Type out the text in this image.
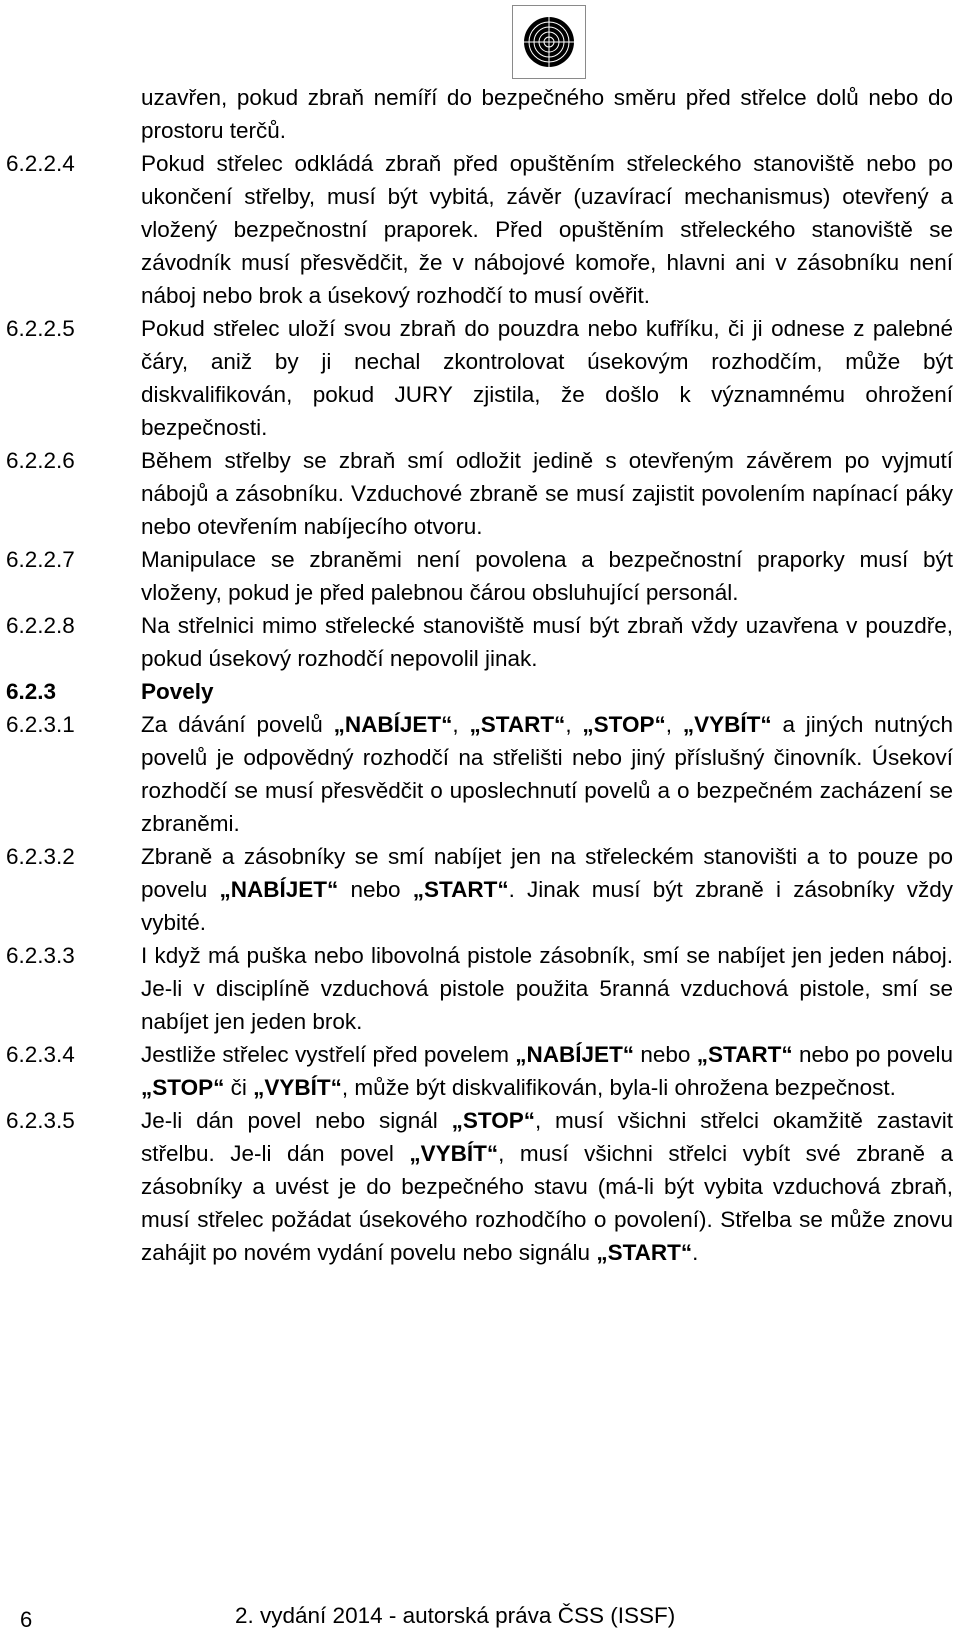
uzavřen, pokud zbraň nemíří do bezpečného směru před střelce dolů nebo do prostoru terčů.
6.2.2.4	Pokud střelec odkládá zbraň před opuštěním střeleckého stanoviště nebo po ukončení střelby, musí být vybitá, závěr (uzavírací mechanismus) otevřený a vložený bezpečnostní praporek. Před opuštěním střeleckého stanoviště se závodník musí přesvědčit, že v nábojové komoře, hlavni ani v zásobníku není náboj nebo brok a úsekový rozhodčí to musí ověřit.
6.2.2.5	Pokud střelec uloží svou zbraň do pouzdra nebo kufříku, či ji odnese z palebné čáry, aniž by ji nechal zkontrolovat úsekovým rozhodčím, může být diskvalifikován, pokud JURY zjistila, že došlo k významnému ohrožení bezpečnosti.
6.2.2.6	Během střelby se zbraň smí odložit jedině s otevřeným závěrem po vyjmutí nábojů a zásobníku. Vzduchové zbraně se musí zajistit povolením napínací páky nebo otevřením nabíjecího otvoru.
6.2.2.7	Manipulace se zbraněmi není povolena a bezpečnostní praporky musí být vloženy, pokud je před palebnou čárou obsluhující personál.
6.2.2.8	Na střelnici mimo střelecké stanoviště musí být zbraň vždy uzavřena v pouzdře, pokud úsekový rozhodčí nepovolil jinak.
6.2.3	Povely
6.2.3.1	Za dávání povelů „NABÍJET“, „START“, „STOP“, „VYBÍT“ a jiných nutných povelů je odpovědný rozhodčí na střelišti nebo jiný příslušný činovník. Úsekoví rozhodčí se musí přesvědčit o uposlechnutí povelů a o bezpečném zacházení se zbraněmi.
6.2.3.2	Zbraně a zásobníky se smí nabíjet jen na střeleckém stanovišti a to pouze po povelu „NABÍJET“ nebo „START“. Jinak musí být zbraně i zásobníky vždy vybité.
6.2.3.3	I když má puška nebo libovolná pistole zásobník, smí se nabíjet jen jeden náboj. Je-li v disciplíně vzduchová pistole použita 5ranná vzduchová pistole, smí se nabíjet jen jeden brok.
6.2.3.4	Jestliže střelec vystřelí před povelem „NABÍJET“ nebo „START“ nebo po povelu „STOP“ či „VYBÍT“, může být diskvalifikován, byla-li ohrožena bezpečnost.
6.2.3.5	Je-li dán povel nebo signál „STOP“, musí všichni střelci okamžitě zastavit střelbu. Je-li dán povel „VYBÍT“, musí všichni střelci vybít své zbraně a zásobníky a uvést je do bezpečného stavu (má-li být vybita vzduchová zbraň, musí střelec požádat úsekového rozhodčího o povolení). Střelba se může znovu zahájit po novém vydání povelu nebo signálu „START“.
6	2. vydání 2014 - autorská práva ČSS (ISSF)
